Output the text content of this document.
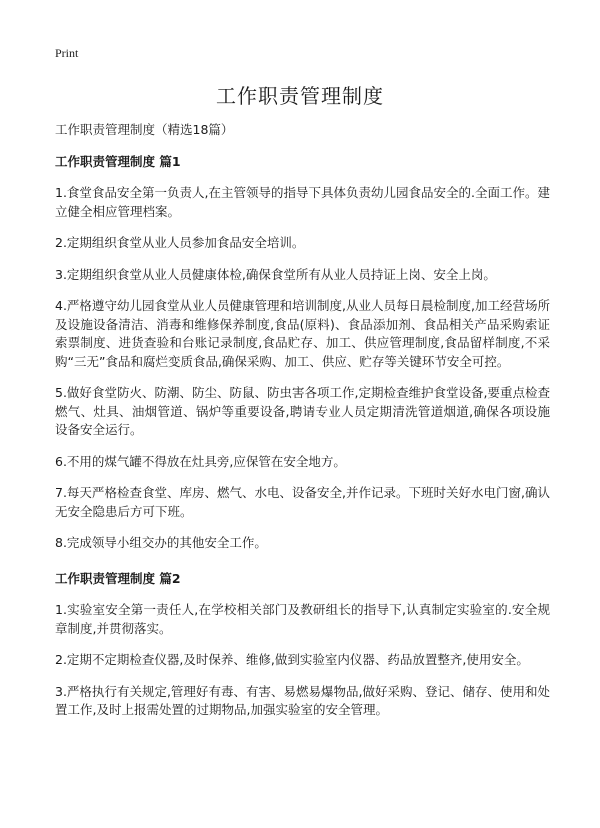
Print
工作职责管理制度

工作职责管理制度（精选18篇）

工作职责管理制度 篇1

1.食堂食品安全第一负责人,在主管领导的指导下具体负责幼儿园食品安全的.全面工作。建立健全相应管理档案。

2.定期组织食堂从业人员参加食品安全培训。

3.定期组织食堂从业人员健康体检,确保食堂所有从业人员持证上岗、安全上岗。

4.严格遵守幼儿园食堂从业人员健康管理和培训制度,从业人员每日晨检制度,加工经营场所及设施设备清洁、消毒和维修保养制度,食品(原料)、食品添加剂、食品相关产品采购索证索票制度、进货查验和台账记录制度,食品贮存、加工、供应管理制度,食品留样制度,不采购“三无”食品和腐烂变质食品,确保采购、加工、供应、贮存等关键环节安全可控。

5.做好食堂防火、防潮、防尘、防鼠、防虫害各项工作,定期检查维护食堂设备,要重点检查燃气、灶具、油烟管道、锅炉等重要设备,聘请专业人员定期清洗管道烟道,确保各项设施设备安全运行。

6.不用的煤气罐不得放在灶具旁,应保管在安全地方。

7.每天严格检查食堂、库房、燃气、水电、设备安全,并作记录。下班时关好水电门窗,确认无安全隐患后方可下班。

8.完成领导小组交办的其他安全工作。

工作职责管理制度 篇2

1.实验室安全第一责任人,在学校相关部门及教研组长的指导下,认真制定实验室的.安全规章制度,并贯彻落实。

2.定期不定期检查仪器,及时保养、维修,做到实验室内仪器、药品放置整齐,使用安全。

3.严格执行有关规定,管理好有毒、有害、易燃易爆物品,做好采购、登记、储存、使用和处置工作,及时上报需处置的过期物品,加强实验室的安全管理。
